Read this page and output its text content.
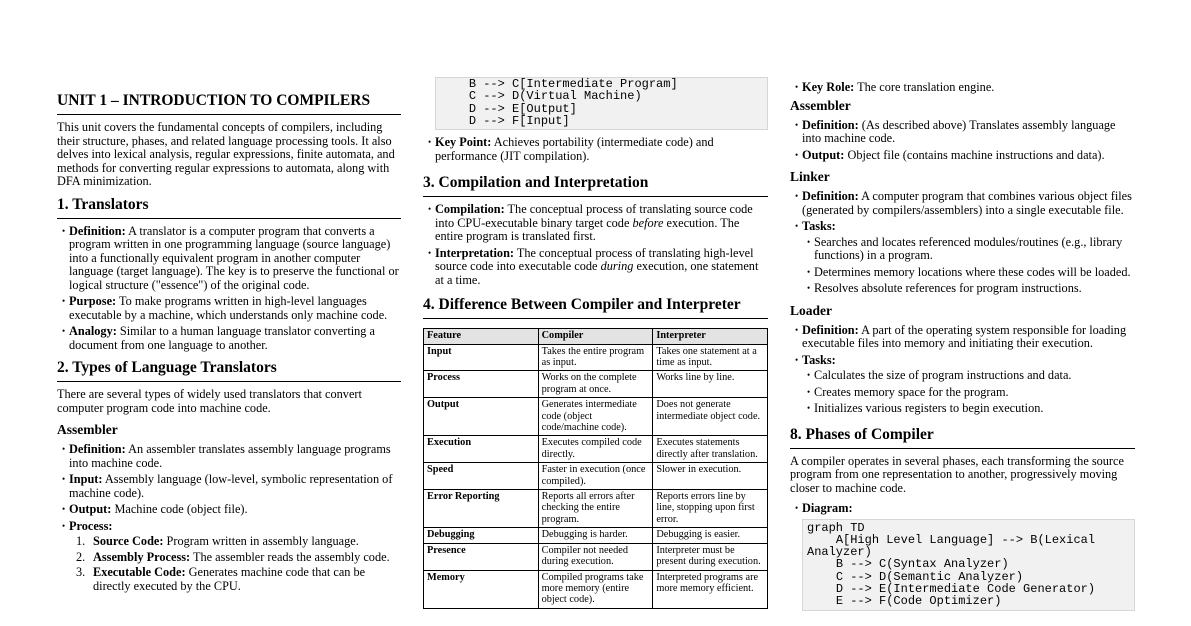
UNIT 1 – INTRODUCTION TO COMPILERS

This unit covers the fundamental concepts of compilers, including their structure, phases, and related language processing tools. It also delves into lexical analysis, regular expressions, finite automata, and methods for converting regular expressions to automata, along with DFA minimization.

1. Translators
• Definition: A translator is a computer program that converts a program written in one programming language (source language) into a functionally equivalent program in another computer language (target language). The key is to preserve the functional or logical structure ("essence") of the original code.
• Purpose: To make programs written in high-level languages executable by a machine, which understands only machine code.
• Analogy: Similar to a human language translator converting a document from one language to another.
2. Types of Language Translators

There are several types of widely used translators that convert computer program code into machine code.

Assembler
• Definition: An assembler translates assembly language programs into machine code.
• Input: Assembly language (low-level, symbolic representation of machine code).
• Output: Machine code (object file).
• Process:
1. Source Code: Program written in assembly language.
2. Assembly Process: The assembler reads the assembly code.
3. Executable Code: Generates machine code that can be directly executed by the CPU.
B --> C[Intermediate Program]
C --> D(Virtual Machine)
D --> E[Output]
D --> F[Input]
• Key Point: Achieves portability (intermediate code) and performance (JIT compilation).
3. Compilation and Interpretation
• Compilation: The conceptual process of translating source code into CPU-executable binary target code before execution. The entire program is translated first.
• Interpretation: The conceptual process of translating high-level source code into executable code during execution, one statement at a time.
4. Difference Between Compiler and Interpreter
Feature	Compiler	Interpreter
Input	Takes the entire program as input.	Takes one statement at a time as input.
Process	Works on the complete program at once.	Works line by line.
Output	Generates intermediate code (object code/machine code).	Does not generate intermediate object code.
Execution	Executes compiled code directly.	Executes statements directly after translation.
Speed	Faster in execution (once compiled).	Slower in execution.
Error Reporting	Reports all errors after checking the entire program.	Reports errors line by line, stopping upon first error.
Debugging	Debugging is harder.	Debugging is easier.
Presence	Compiler not needed during execution.	Interpreter must be present during execution.
Memory	Compiled programs take more memory (entire object code).	Interpreted programs are more memory efficient.
• Key Role: The core translation engine.
Assembler
• Definition: (As described above) Translates assembly language into machine code.
• Output: Object file (contains machine instructions and data).
Linker
• Definition: A computer program that combines various object files (generated by compilers/assemblers) into a single executable file.
• Tasks:
• Searches and locates referenced modules/routines (e.g., library functions) in a program.
• Determines memory locations where these codes will be loaded.
• Resolves absolute references for program instructions.
Loader
• Definition: A part of the operating system responsible for loading executable files into memory and initiating their execution.
• Tasks:
• Calculates the size of program instructions and data.
• Creates memory space for the program.
• Initializes various registers to begin execution.
8. Phases of Compiler

A compiler operates in several phases, each transforming the source program from one representation to another, progressively moving closer to machine code.

• Diagram:
graph TD
A[High Level Language] --> B(Lexical Analyzer)
B --> C(Syntax Analyzer)
C --> D(Semantic Analyzer)
D --> E(Intermediate Code Generator)
E --> F(Code Optimizer)
